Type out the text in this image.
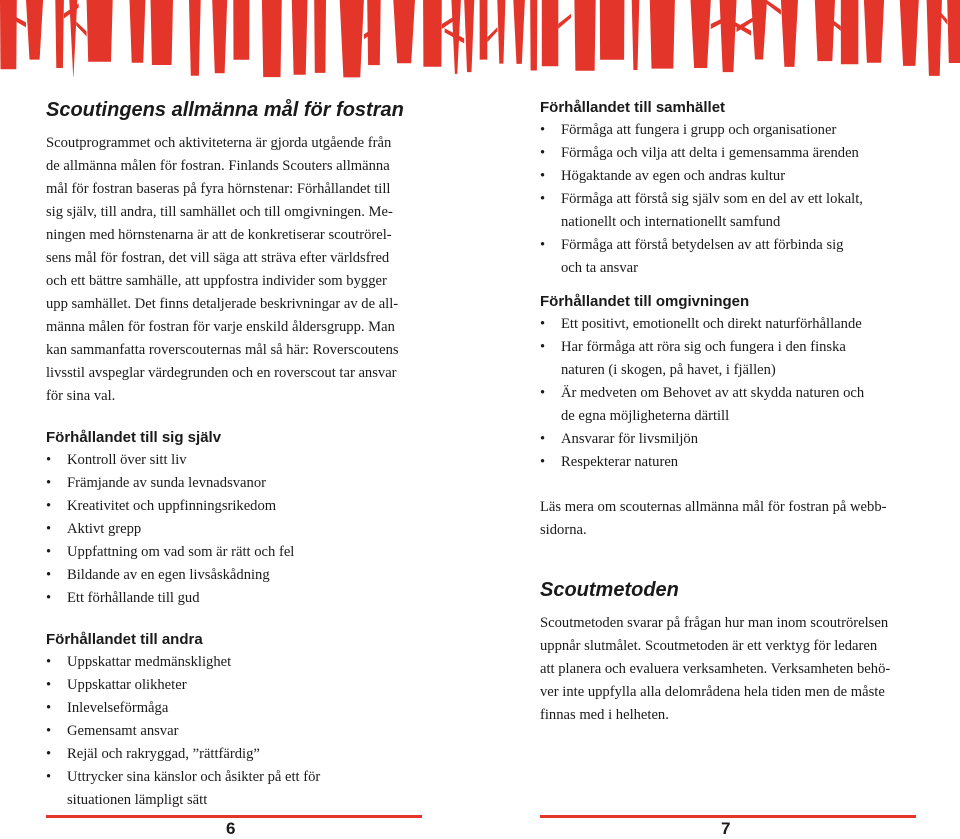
Scoutingens allmänna mål för fostran
Scoutprogrammet och aktiviteterna är gjorda utgående från
de allmänna målen för fostran. Finlands Scouters allmänna
mål för fostran baseras på fyra hörnstenar: Förhållandet till
sig själv, till andra, till samhället och till omgivningen. Me-
ningen med hörnstenarna är att de konkretiserar scoutrörel-
sens mål för fostran, det vill säga att sträva efter världsfred
och ett bättre samhälle, att uppfostra individer som bygger
upp samhället. Det finns detaljerade beskrivningar av de all-
männa målen för fostran för varje enskild åldersgrupp. Man
kan sammanfatta roverscouternas mål så här: Roverscoutens
livsstil avspeglar värdegrunden och en roverscout tar ansvar
för sina val.
Förhållandet till sig själv
• Kontroll över sitt liv
• Främjande av sunda levnadsvanor
• Kreativitet och uppfinningsrikedom
• Aktivt grepp
• Uppfattning om vad som är rätt och fel
• Bildande av en egen livsåskådning
• Ett förhållande till gud
Förhållandet till andra
• Uppskattar medmänsklighet
• Uppskattar olikheter
• Inlevelseförmåga
• Gemensamt ansvar
• Rejäl och rakryggad, ”rättfärdig”
• Uttrycker sina känslor och åsikter på ett för
situationen lämpligt sätt
Förhållandet till samhället
• Förmåga att fungera i grupp och organisationer
• Förmåga och vilja att delta i gemensamma ärenden
• Högaktande av egen och andras kultur
• Förmåga att förstå sig själv som en del av ett lokalt,
nationellt och internationellt samfund
• Förmåga att förstå betydelsen av att förbinda sig
och ta ansvar
Förhållandet till omgivningen
• Ett positivt, emotionellt och direkt naturförhållande
• Har förmåga att röra sig och fungera i den finska
naturen (i skogen, på havet, i fjällen)
• Är medveten om Behovet av att skydda naturen och
de egna möjligheterna därtill
• Ansvarar för livsmiljön
• Respekterar naturen
Läs mera om scouternas allmänna mål för fostran på webb-
sidorna.
Scoutmetoden
Scoutmetoden svarar på frågan hur man inom scoutrörelsen
uppnår slutmålet. Scoutmetoden är ett verktyg för ledaren
att planera och evaluera verksamheten. Verksamheten behö-
ver inte uppfylla alla delområdena hela tiden men de måste
finnas med i helheten.
6	7
